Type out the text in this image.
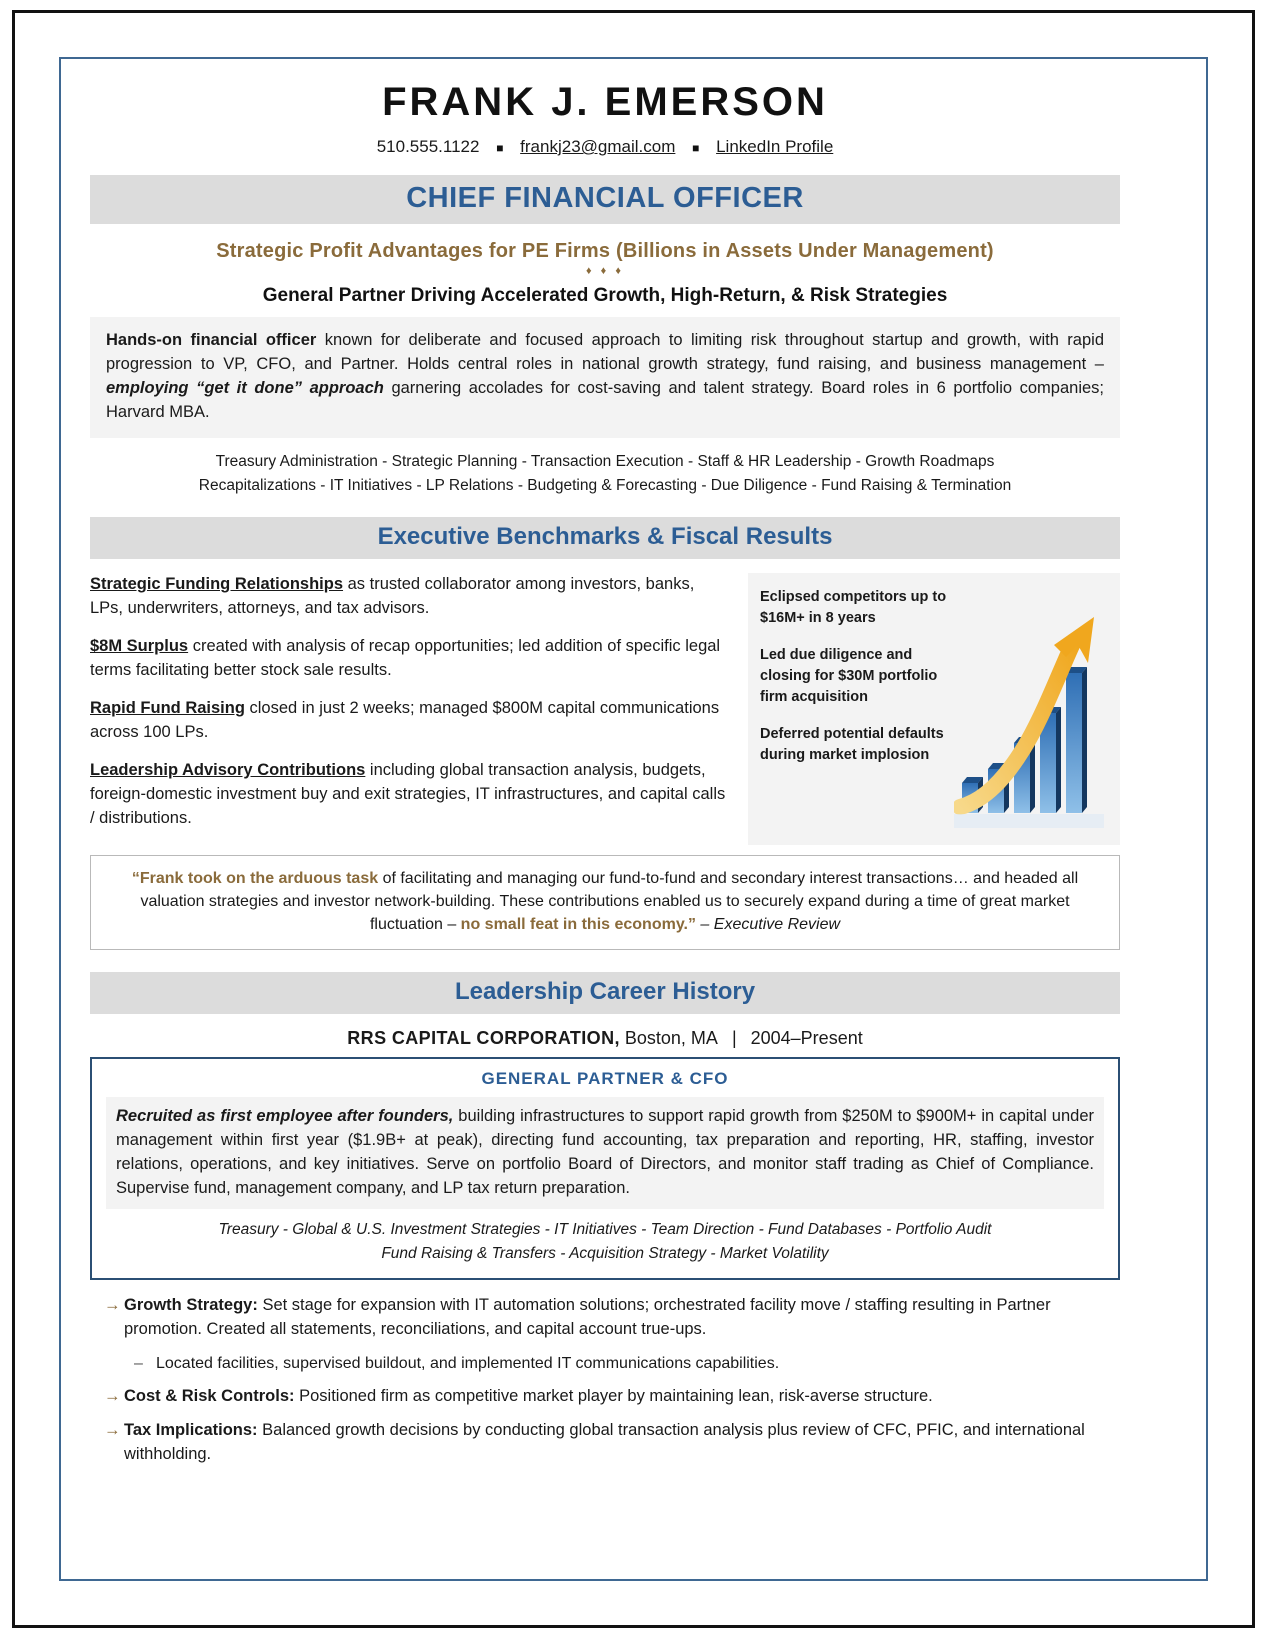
FRANK J. EMERSON
510.555.1122 ■ frankj23@gmail.com ■ LinkedIn Profile
CHIEF FINANCIAL OFFICER
Strategic Profit Advantages for PE Firms (Billions in Assets Under Management)
♦ ♦ ♦
General Partner Driving Accelerated Growth, High-Return, & Risk Strategies
Hands-on financial officer known for deliberate and focused approach to limiting risk throughout startup and growth, with rapid progression to VP, CFO, and Partner. Holds central roles in national growth strategy, fund raising, and business management – employing “get it done” approach garnering accolades for cost-saving and talent strategy. Board roles in 6 portfolio companies; Harvard MBA.
Treasury Administration - Strategic Planning - Transaction Execution - Staff & HR Leadership - Growth Roadmaps
Recapitalizations - IT Initiatives - LP Relations - Budgeting & Forecasting - Due Diligence - Fund Raising & Termination
Executive Benchmarks & Fiscal Results

Strategic Funding Relationships as trusted collaborator among investors, banks, LPs, underwriters, attorneys, and tax advisors.

$8M Surplus created with analysis of recap opportunities; led addition of specific legal terms facilitating better stock sale results.

Rapid Fund Raising closed in just 2 weeks; managed $800M capital communications across 100 LPs.

Leadership Advisory Contributions including global transaction analysis, budgets, foreign-domestic investment buy and exit strategies, IT infrastructures, and capital calls / distributions.

Eclipsed competitors up to $16M+ in 8 years
Led due diligence and closing for $30M portfolio firm acquisition
Deferred potential defaults during market implosion
“Frank took on the arduous task of facilitating and managing our fund-to-fund and secondary interest transactions… and headed all valuation strategies and investor network-building. These contributions enabled us to securely expand during a time of great market fluctuation – no small feat in this economy.” – Executive Review
Leadership Career History
RRS CAPITAL CORPORATION, Boston, MA | 2004–Present
GENERAL PARTNER & CFO
Recruited as first employee after founders, building infrastructures to support rapid growth from $250M to $900M+ in capital under management within first year ($1.9B+ at peak), directing fund accounting, tax preparation and reporting, HR, staffing, investor relations, operations, and key initiatives. Serve on portfolio Board of Directors, and monitor staff trading as Chief of Compliance. Supervise fund, management company, and LP tax return preparation.
Treasury - Global & U.S. Investment Strategies - IT Initiatives - Team Direction - Fund Databases - Portfolio Audit
Fund Raising & Transfers - Acquisition Strategy - Market Volatility
→ Growth Strategy: Set stage for expansion with IT automation solutions; orchestrated facility move / staffing resulting in Partner promotion. Created all statements, reconciliations, and capital account true-ups.
– Located facilities, supervised buildout, and implemented IT communications capabilities.
→ Cost & Risk Controls: Positioned firm as competitive market player by maintaining lean, risk-averse structure.
→ Tax Implications: Balanced growth decisions by conducting global transaction analysis plus review of CFC, PFIC, and international withholding.
